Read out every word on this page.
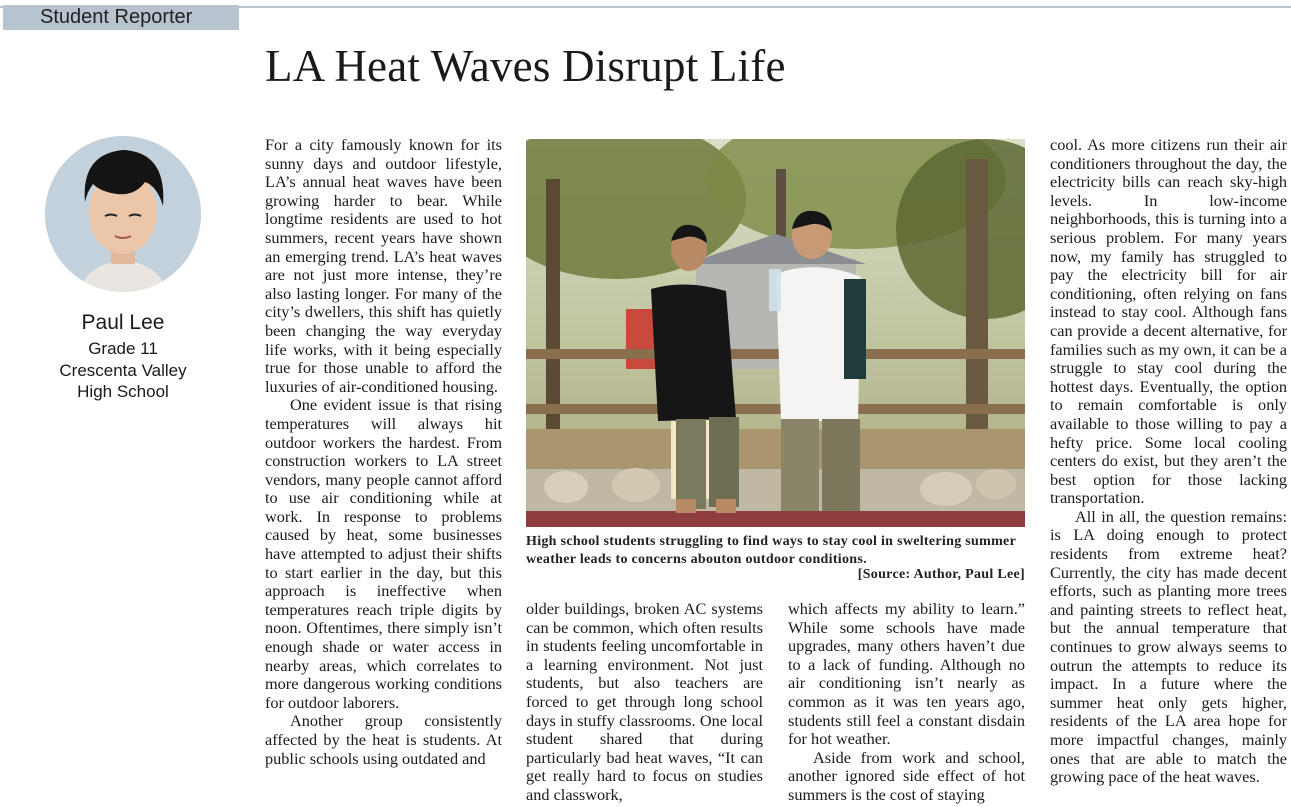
Student Reporter
LA Heat Waves Disrupt Life
Paul Lee
Grade 11
Crescenta Valley
High School

For a city famously known for its sunny days and outdoor lifestyle, LA’s annual heat waves have been growing harder to bear. While longtime residents are used to hot summers, recent years have shown an emerging trend. LA’s heat waves are not just more intense, they’re also lasting longer. For many of the city’s dwellers, this shift has quietly been changing the way everyday life works, with it being especially true for those unable to afford the luxuries of air-conditioned housing.

One evident issue is that rising temperatures will always hit outdoor workers the hardest. From construction workers to LA street vendors, many people cannot afford to use air conditioning while at work. In response to problems caused by heat, some businesses have attempted to adjust their shifts to start earlier in the day, but this approach is ineffective when temperatures reach triple digits by noon. Oftentimes, there simply isn’t enough shade or water access in nearby areas, which correlates to more dangerous working conditions for outdoor laborers.

Another group consistently affected by the heat is students. At public schools using outdated and

High school students struggling to find ways to stay cool in sweltering summer weather leads to concerns abouton outdoor conditions.
[Source: Author, Paul Lee]

older buildings, broken AC systems can be common, which often results in students feeling uncomfortable in a learning environment. Not just students, but also teachers are forced to get through long school days in stuffy classrooms. One local student shared that during particularly bad heat waves, “It can get really hard to focus on studies and classwork,

which affects my ability to learn.” While some schools have made upgrades, many others haven’t due to a lack of funding. Although no air conditioning isn’t nearly as common as it was ten years ago, students still feel a constant disdain for hot weather.

Aside from work and school, another ignored side effect of hot summers is the cost of staying

cool. As more citizens run their air conditioners throughout the day, the electricity bills can reach sky-high levels. In low-income neighborhoods, this is turning into a serious problem. For many years now, my family has struggled to pay the electricity bill for air conditioning, often relying on fans instead to stay cool. Although fans can provide a decent alternative, for families such as my own, it can be a struggle to stay cool during the hottest days. Eventually, the option to remain comfortable is only available to those willing to pay a hefty price. Some local cooling centers do exist, but they aren’t the best option for those lacking transportation.

All in all, the question remains: is LA doing enough to protect residents from extreme heat? Currently, the city has made decent efforts, such as planting more trees and painting streets to reflect heat, but the annual temperature that continues to grow always seems to outrun the attempts to reduce its impact. In a future where the summer heat only gets higher, residents of the LA area hope for more impactful changes, mainly ones that are able to match the growing pace of the heat waves.
